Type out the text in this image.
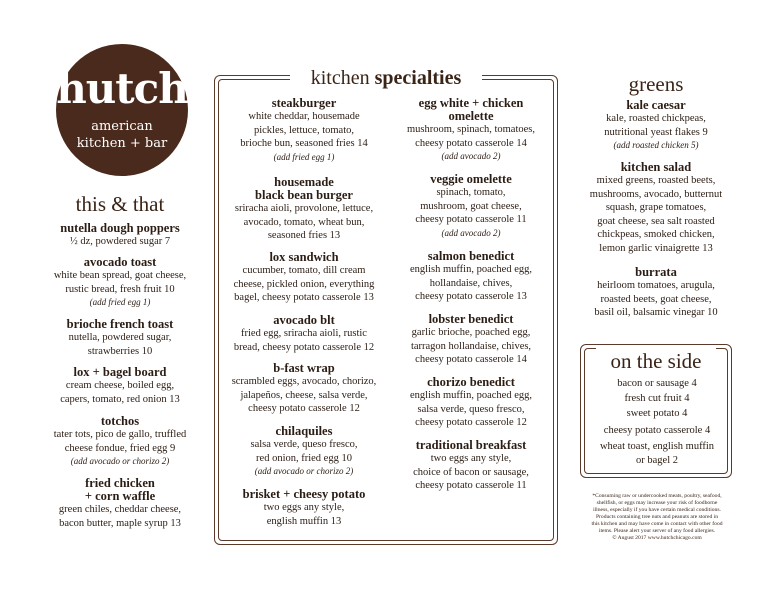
hutch
american
kitchen + bar
this & that
nutella dough poppers
½ dz, powdered sugar 7
avocado toast
white bean spread, goat cheese,
rustic bread, fresh fruit 10
(add fried egg 1)
brioche french toast
nutella, powdered sugar,
strawberries 10
lox + bagel board
cream cheese, boiled egg,
capers, tomato, red onion 13
totchos
tater tots, pico de gallo, truffled
cheese fondue, fried egg 9
(add avocado or chorizo 2)
fried chicken
+ corn waffle
green chiles, cheddar cheese,
bacon butter, maple syrup 13
kitchen specialties
steakburger
white cheddar, housemade
pickles, lettuce, tomato,
brioche bun, seasoned fries 14
(add fried egg 1)
housemade
black bean burger
sriracha aioli, provolone, lettuce,
avocado, tomato, wheat bun,
seasoned fries 13
lox sandwich
cucumber, tomato, dill cream
cheese, pickled onion, everything
bagel, cheesy potato casserole 13
avocado blt
fried egg, sriracha aioli, rustic
bread, cheesy potato casserole 12
b-fast wrap
scrambled eggs, avocado, chorizo,
jalapeños, cheese, salsa verde,
cheesy potato casserole 12
chilaquiles
salsa verde, queso fresco,
red onion, fried egg 10
(add avocado or chorizo 2)
brisket + cheesy potato
two eggs any style,
english muffin 13
egg white + chicken
omelette
mushroom, spinach, tomatoes,
cheesy potato casserole 14
(add avocado 2)
veggie omelette
spinach, tomato,
mushroom, goat cheese,
cheesy potato casserole 11
(add avocado 2)
salmon benedict
english muffin, poached egg,
hollandaise, chives,
cheesy potato casserole 13
lobster benedict
garlic brioche, poached egg,
tarragon hollandaise, chives,
cheesy potato casserole 14
chorizo benedict
english muffin, poached egg,
salsa verde, queso fresco,
cheesy potato casserole 12
traditional breakfast
two eggs any style,
choice of bacon or sausage,
cheesy potato casserole 11
greens
kale caesar
kale, roasted chickpeas,
nutritional yeast flakes 9
(add roasted chicken 5)
kitchen salad
mixed greens, roasted beets,
mushrooms, avocado, butternut
squash, grape tomatoes,
goat cheese, sea salt roasted
chickpeas, smoked chicken,
lemon garlic vinaigrette 13
burrata
heirloom tomatoes, arugula,
roasted beets, goat cheese,
basil oil, balsamic vinegar 10
on the side
bacon or sausage 4
fresh cut fruit 4
sweet potato 4
cheesy potato casserole 4
wheat toast, english muffin
or bagel 2
*Consuming raw or undercooked meats, poultry, seafood,
shellfish, or eggs may increase your risk of foodborne
illness, especially if you have certain medical conditions.
Products containing tree nuts and peanuts are stored in
this kitchen and may have come in contact with other food
items. Please alert your server of any food allergies.
© August 2017 www.hutchchicago.com
